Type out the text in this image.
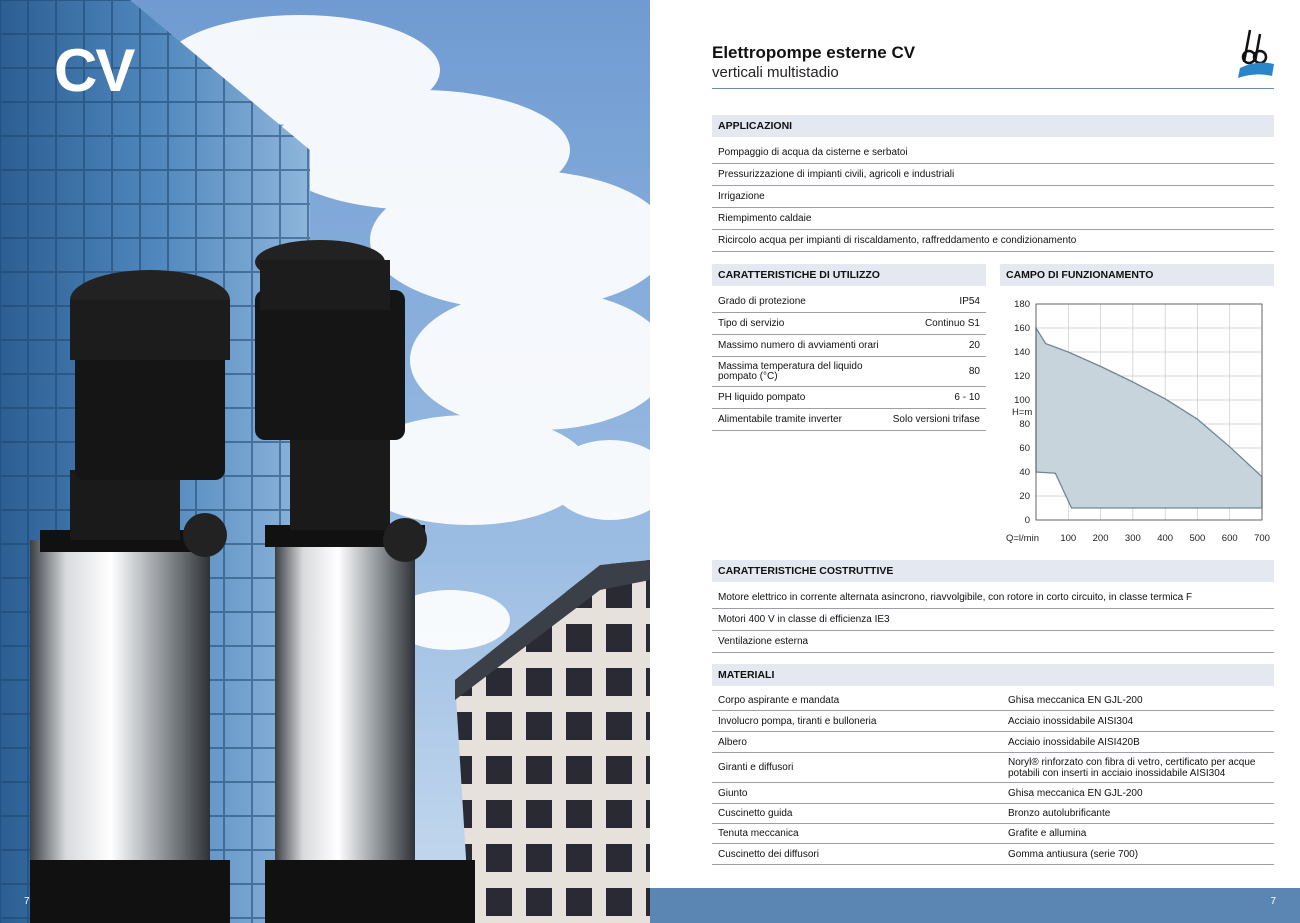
CV
7
Elettropompe esterne CV
verticali multistadio
APPLICAZIONI
Pompaggio di acqua da cisterne e serbatoi
Pressurizzazione di impianti civili, agricoli e industriali
Irrigazione
Riempimento caldaie
Ricircolo acqua per impianti di riscaldamento, raffreddamento e condizionamento
CARATTERISTICHE DI UTILIZZO
Grado di protezione	IP54
Tipo di servizio	Continuo S1
Massimo numero di avviamenti orari	20
Massima temperatura del liquido pompato (°C)	80
PH liquido pompato	6 - 10
Alimentabile tramite inverter	Solo versioni trifase
CAMPO DI FUNZIONAMENTO
0
20
40
60
80
100
120
140
160
180
100 200 300 400 500 600 700
H=m
Q=l/min
CARATTERISTICHE COSTRUTTIVE
Motore elettrico in corrente alternata asincrono, riavvolgibile, con rotore in corto circuito, in classe termica F
Motori 400 V in classe di efficienza IE3
Ventilazione esterna
MATERIALI
Corpo aspirante e mandata	Ghisa meccanica EN GJL-200
Involucro pompa, tiranti e bulloneria	Acciaio inossidabile AISI304
Albero	Acciaio inossidabile AISI420B
Giranti e diffusori	Noryl® rinforzato con fibra di vetro, certificato per acque potabili con inserti in acciaio inossidabile AISI304
Giunto	Ghisa meccanica EN GJL-200
Cuscinetto guida	Bronzo autolubrificante
Tenuta meccanica	Grafite e allumina
Cuscinetto dei diffusori	Gomma antiusura (serie 700)
7
